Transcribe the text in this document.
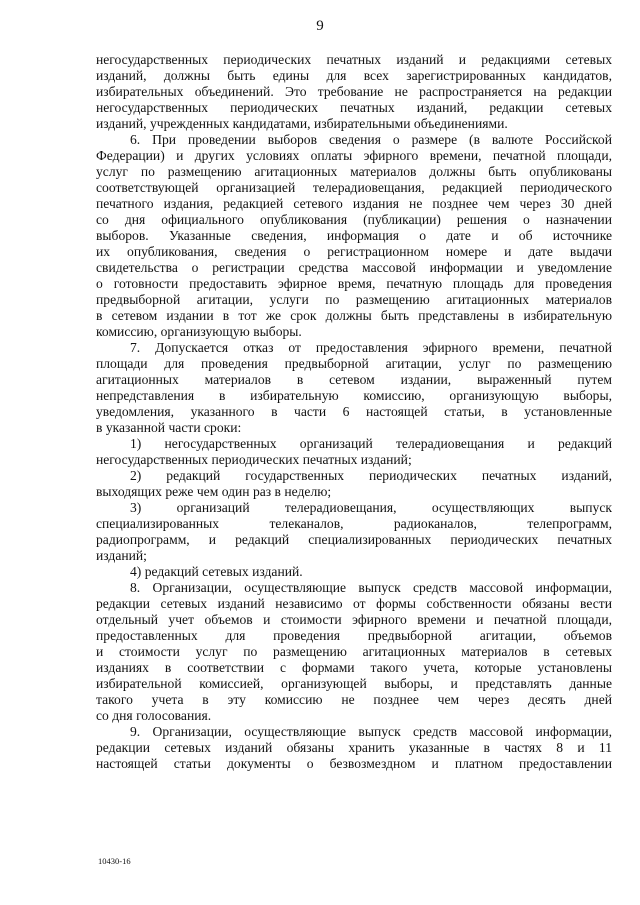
9
негосударственных периодических печатных изданий и редакциями сетевых
изданий, должны быть едины для всех зарегистрированных кандидатов,
избирательных объединений. Это требование не распространяется на редакции
негосударственных периодических печатных изданий, редакции сетевых
изданий, учрежденных кандидатами, избирательными объединениями.
6. При проведении выборов сведения о размере (в валюте Российской
Федерации) и других условиях оплаты эфирного времени, печатной площади,
услуг по размещению агитационных материалов должны быть опубликованы
соответствующей организацией телерадиовещания, редакцией периодического
печатного издания, редакцией сетевого издания не позднее чем через 30 дней
со дня официального опубликования (публикации) решения о назначении
выборов. Указанные сведения, информация о дате и об источнике
их опубликования, сведения о регистрационном номере и дате выдачи
свидетельства о регистрации средства массовой информации и уведомление
о готовности предоставить эфирное время, печатную площадь для проведения
предвыборной агитации, услуги по размещению агитационных материалов
в сетевом издании в тот же срок должны быть представлены в избирательную
комиссию, организующую выборы.
7. Допускается отказ от предоставления эфирного времени, печатной
площади для проведения предвыборной агитации, услуг по размещению
агитационных материалов в сетевом издании, выраженный путем
непредставления в избирательную комиссию, организующую выборы,
уведомления, указанного в части 6 настоящей статьи, в установленные
в указанной части сроки:
1) негосударственных организаций телерадиовещания и редакций
негосударственных периодических печатных изданий;
2) редакций государственных периодических печатных изданий,
выходящих реже чем один раз в неделю;
3) организаций телерадиовещания, осуществляющих выпуск
специализированных телеканалов, радиоканалов, телепрограмм,
радиопрограмм, и редакций специализированных периодических печатных
изданий;
4) редакций сетевых изданий.
8. Организации, осуществляющие выпуск средств массовой информации,
редакции сетевых изданий независимо от формы собственности обязаны вести
отдельный учет объемов и стоимости эфирного времени и печатной площади,
предоставленных для проведения предвыборной агитации, объемов
и стоимости услуг по размещению агитационных материалов в сетевых
изданиях в соответствии с формами такого учета, которые установлены
избирательной комиссией, организующей выборы, и представлять данные
такого учета в эту комиссию не позднее чем через десять дней
со дня голосования.
9. Организации, осуществляющие выпуск средств массовой информации,
редакции сетевых изданий обязаны хранить указанные в частях 8 и 11
настоящей статьи документы о безвозмездном и платном предоставлении
10430-16
